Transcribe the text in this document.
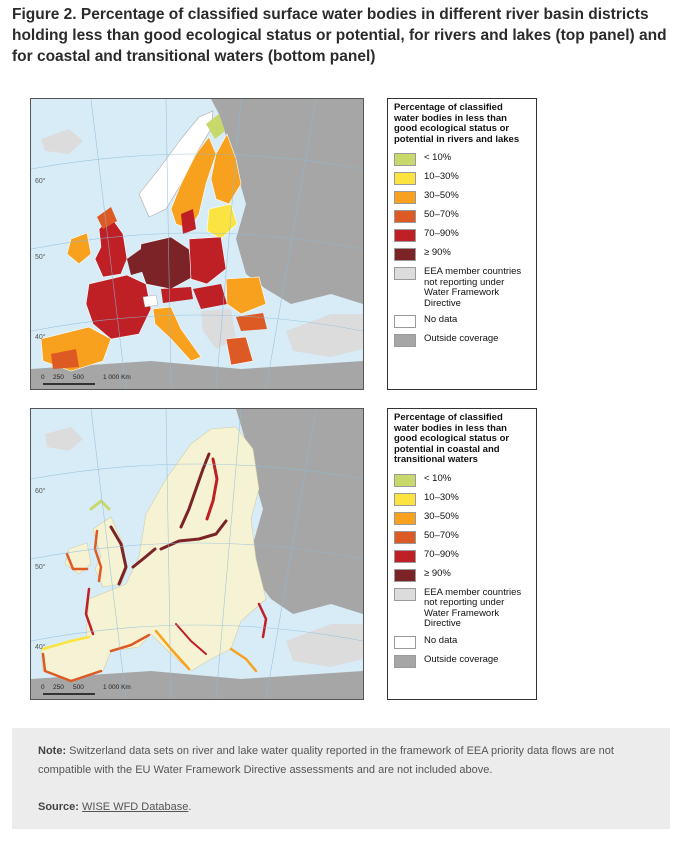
Figure 2. Percentage of classified surface water bodies in different river basin districts holding less than good ecological status or potential, for rivers and lakes (top panel) and for coastal and transitional waters (bottom panel)
50°
60°
40°
0 250 500	1 000 Km
Percentage of classified water bodies in less than good ecological status or potential in rivers and lakes
< 10%
10–30%
30–50%
50–70%
70–90%
≥ 90%
EEA member countries not reporting under Water Framework Directive
No data
Outside coverage
60°
50°
40°
0 250 500	1 000 Km
Percentage of classified water bodies in less than good ecological status or potential in coastal and transitional waters
< 10%
10–30%
30–50%
50–70%
70–90%
≥ 90%
EEA member countries not reporting under Water Framework Directive
No data
Outside coverage
Note: Switzerland data sets on river and lake water quality reported in the framework of EEA priority data flows are not compatible with the EU Water Framework Directive assessments and are not included above.
Source: WISE WFD Database.
